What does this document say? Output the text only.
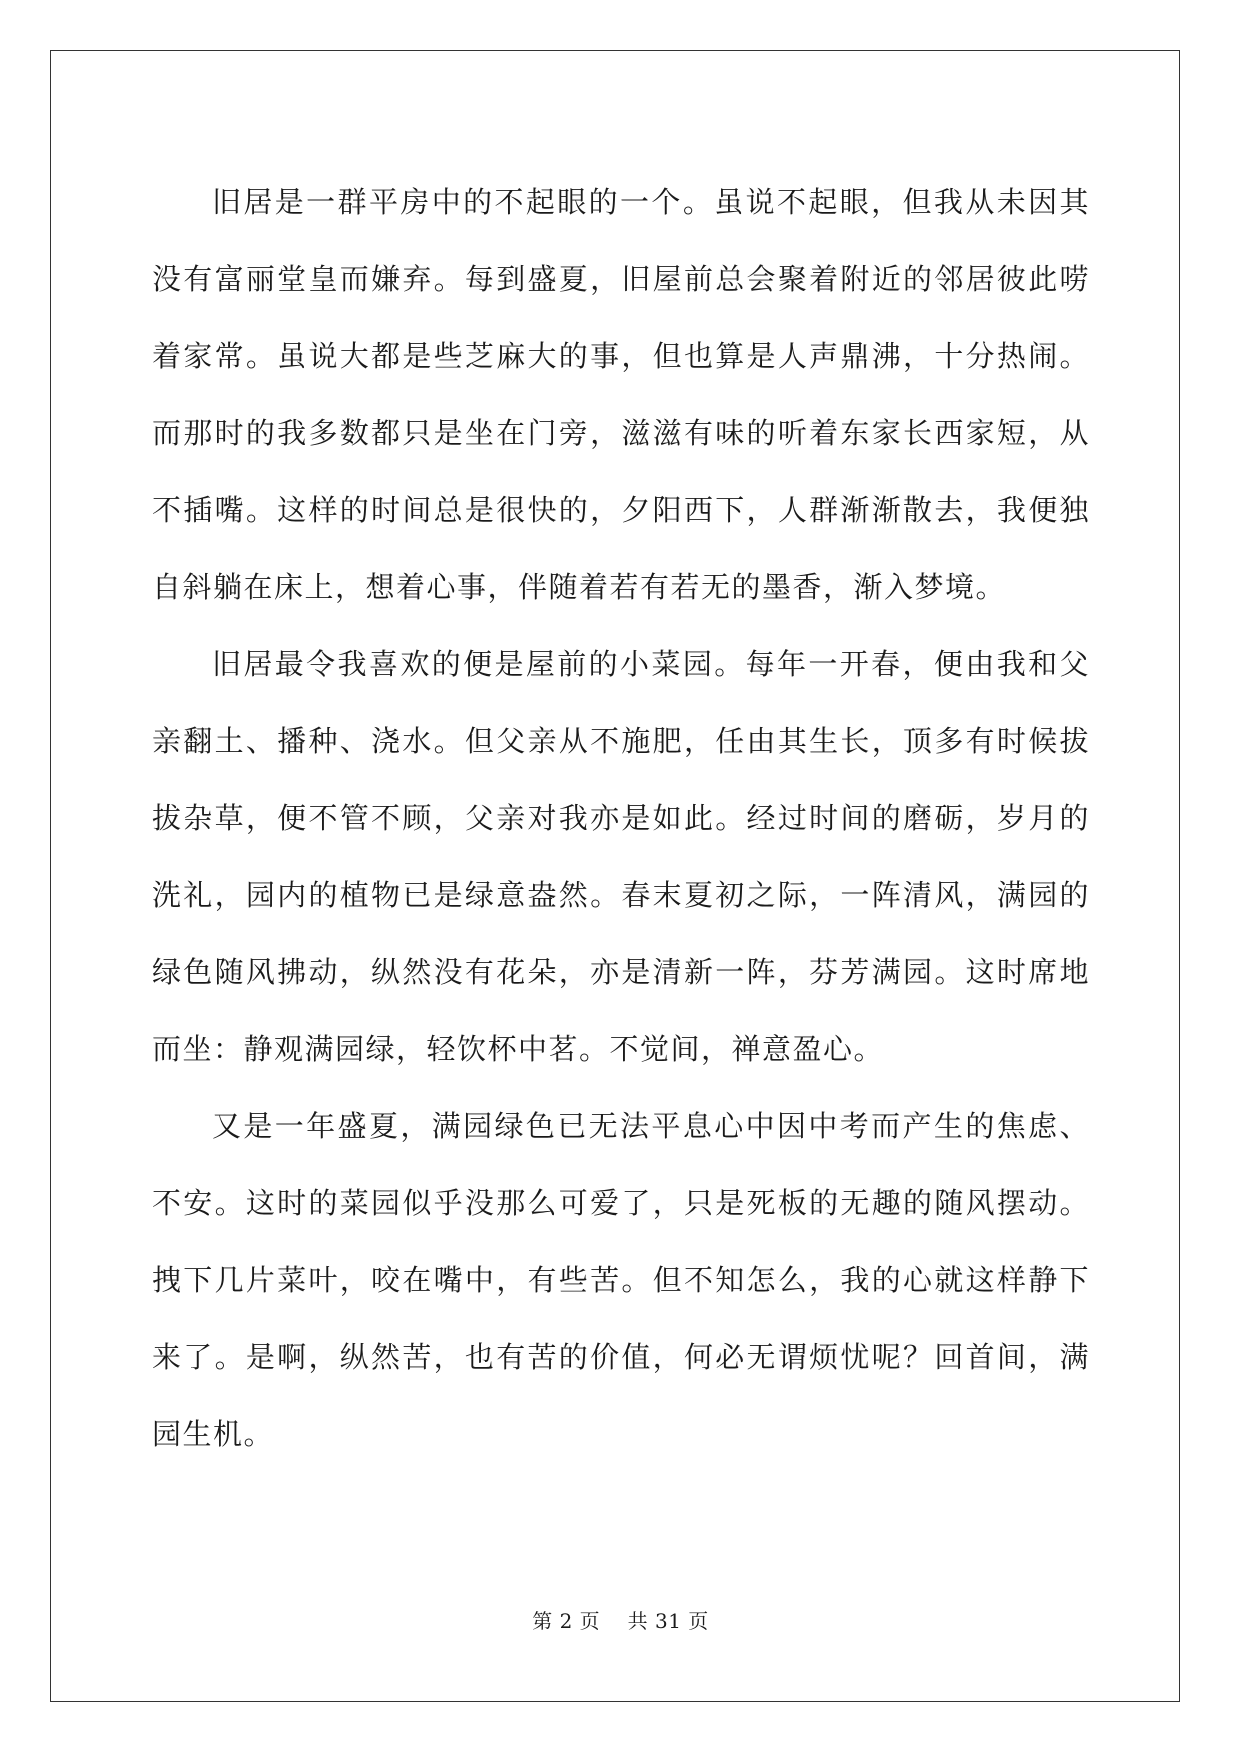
旧居是一群平房中的不起眼的一个。虽说不起眼，但我从未因其没有富丽堂皇而嫌弃。每到盛夏，旧屋前总会聚着附近的邻居彼此唠着家常。虽说大都是些芝麻大的事，但也算是人声鼎沸，十分热闹。而那时的我多数都只是坐在门旁，滋滋有味的听着东家长西家短，从不插嘴。这样的时间总是很快的，夕阳西下，人群渐渐散去，我便独自斜躺在床上，想着心事，伴随着若有若无的墨香，渐入梦境。

旧居最令我喜欢的便是屋前的小菜园。每年一开春，便由我和父亲翻土、播种、浇水。但父亲从不施肥，任由其生长，顶多有时候拔拔杂草，便不管不顾，父亲对我亦是如此。经过时间的磨砺，岁月的洗礼，园内的植物已是绿意盎然。春末夏初之际，一阵清风，满园的绿色随风拂动，纵然没有花朵，亦是清新一阵，芬芳满园。这时席地而坐：静观满园绿，轻饮杯中茗。不觉间，禅意盈心。

又是一年盛夏，满园绿色已无法平息心中因中考而产生的焦虑、不安。这时的菜园似乎没那么可爱了，只是死板的无趣的随风摆动。拽下几片菜叶，咬在嘴中，有些苦。但不知怎么，我的心就这样静下来了。是啊，纵然苦，也有苦的价值，何必无谓烦忧呢？回首间，满园生机。

第 2 页 共 31 页
